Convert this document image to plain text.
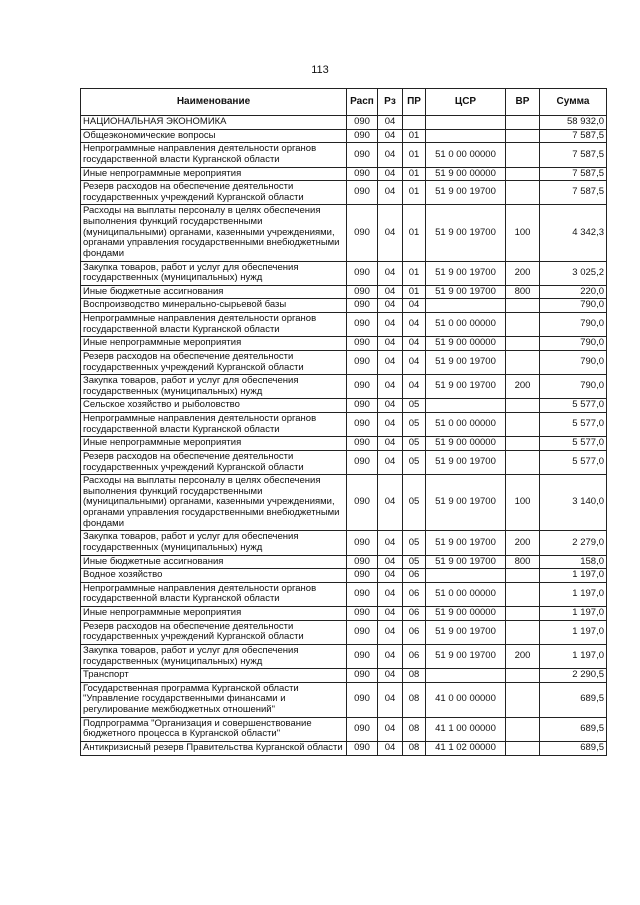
113
Наименование	Расп	Рз	ПР	ЦСР	ВР	Сумма
НАЦИОНАЛЬНАЯ ЭКОНОМИКА	090	04				58 932,0
Общеэкономические вопросы	090	04	01			7 587,5
Непрограммные направления деятельности органов государственной власти Курганской области	090	04	01	51 0 00 00000		7 587,5
Иные непрограммные мероприятия	090	04	01	51 9 00 00000		7 587,5
Резерв расходов на обеспечение деятельности государственных учреждений Курганской области	090	04	01	51 9 00 19700		7 587,5
Расходы на выплаты персоналу в целях обеспечения выполнения функций государственными (муниципальными) органами, казенными учреждениями, органами управления государственными внебюджетными фондами	090	04	01	51 9 00 19700	100	4 342,3
Закупка товаров, работ и услуг для обеспечения государственных (муниципальных) нужд	090	04	01	51 9 00 19700	200	3 025,2
Иные бюджетные ассигнования	090	04	01	51 9 00 19700	800	220,0
Воспроизводство минерально-сырьевой базы	090	04	04			790,0
Непрограммные направления деятельности органов государственной власти Курганской области	090	04	04	51 0 00 00000		790,0
Иные непрограммные мероприятия	090	04	04	51 9 00 00000		790,0
Резерв расходов на обеспечение деятельности государственных учреждений Курганской области	090	04	04	51 9 00 19700		790,0
Закупка товаров, работ и услуг для обеспечения государственных (муниципальных) нужд	090	04	04	51 9 00 19700	200	790,0
Сельское хозяйство и рыболовство	090	04	05			5 577,0
Непрограммные направления деятельности органов государственной власти Курганской области	090	04	05	51 0 00 00000		5 577,0
Иные непрограммные мероприятия	090	04	05	51 9 00 00000		5 577,0
Резерв расходов на обеспечение деятельности государственных учреждений Курганской области	090	04	05	51 9 00 19700		5 577,0
Расходы на выплаты персоналу в целях обеспечения выполнения функций государственными (муниципальными) органами, казенными учреждениями, органами управления государственными внебюджетными фондами	090	04	05	51 9 00 19700	100	3 140,0
Закупка товаров, работ и услуг для обеспечения государственных (муниципальных) нужд	090	04	05	51 9 00 19700	200	2 279,0
Иные бюджетные ассигнования	090	04	05	51 9 00 19700	800	158,0
Водное хозяйство	090	04	06			1 197,0
Непрограммные направления деятельности органов государственной власти Курганской области	090	04	06	51 0 00 00000		1 197,0
Иные непрограммные мероприятия	090	04	06	51 9 00 00000		1 197,0
Резерв расходов на обеспечение деятельности государственных учреждений Курганской области	090	04	06	51 9 00 19700		1 197,0
Закупка товаров, работ и услуг для обеспечения государственных (муниципальных) нужд	090	04	06	51 9 00 19700	200	1 197,0
Транспорт	090	04	08			2 290,5
Государственная программа Курганской области "Управление государственными финансами и регулирование межбюджетных отношений"	090	04	08	41 0 00 00000		689,5
Подпрограмма "Организация и совершенствование бюджетного процесса в Курганской области"	090	04	08	41 1 00 00000		689,5
Антикризисный резерв Правительства Курганской области	090	04	08	41 1 02 00000		689,5
